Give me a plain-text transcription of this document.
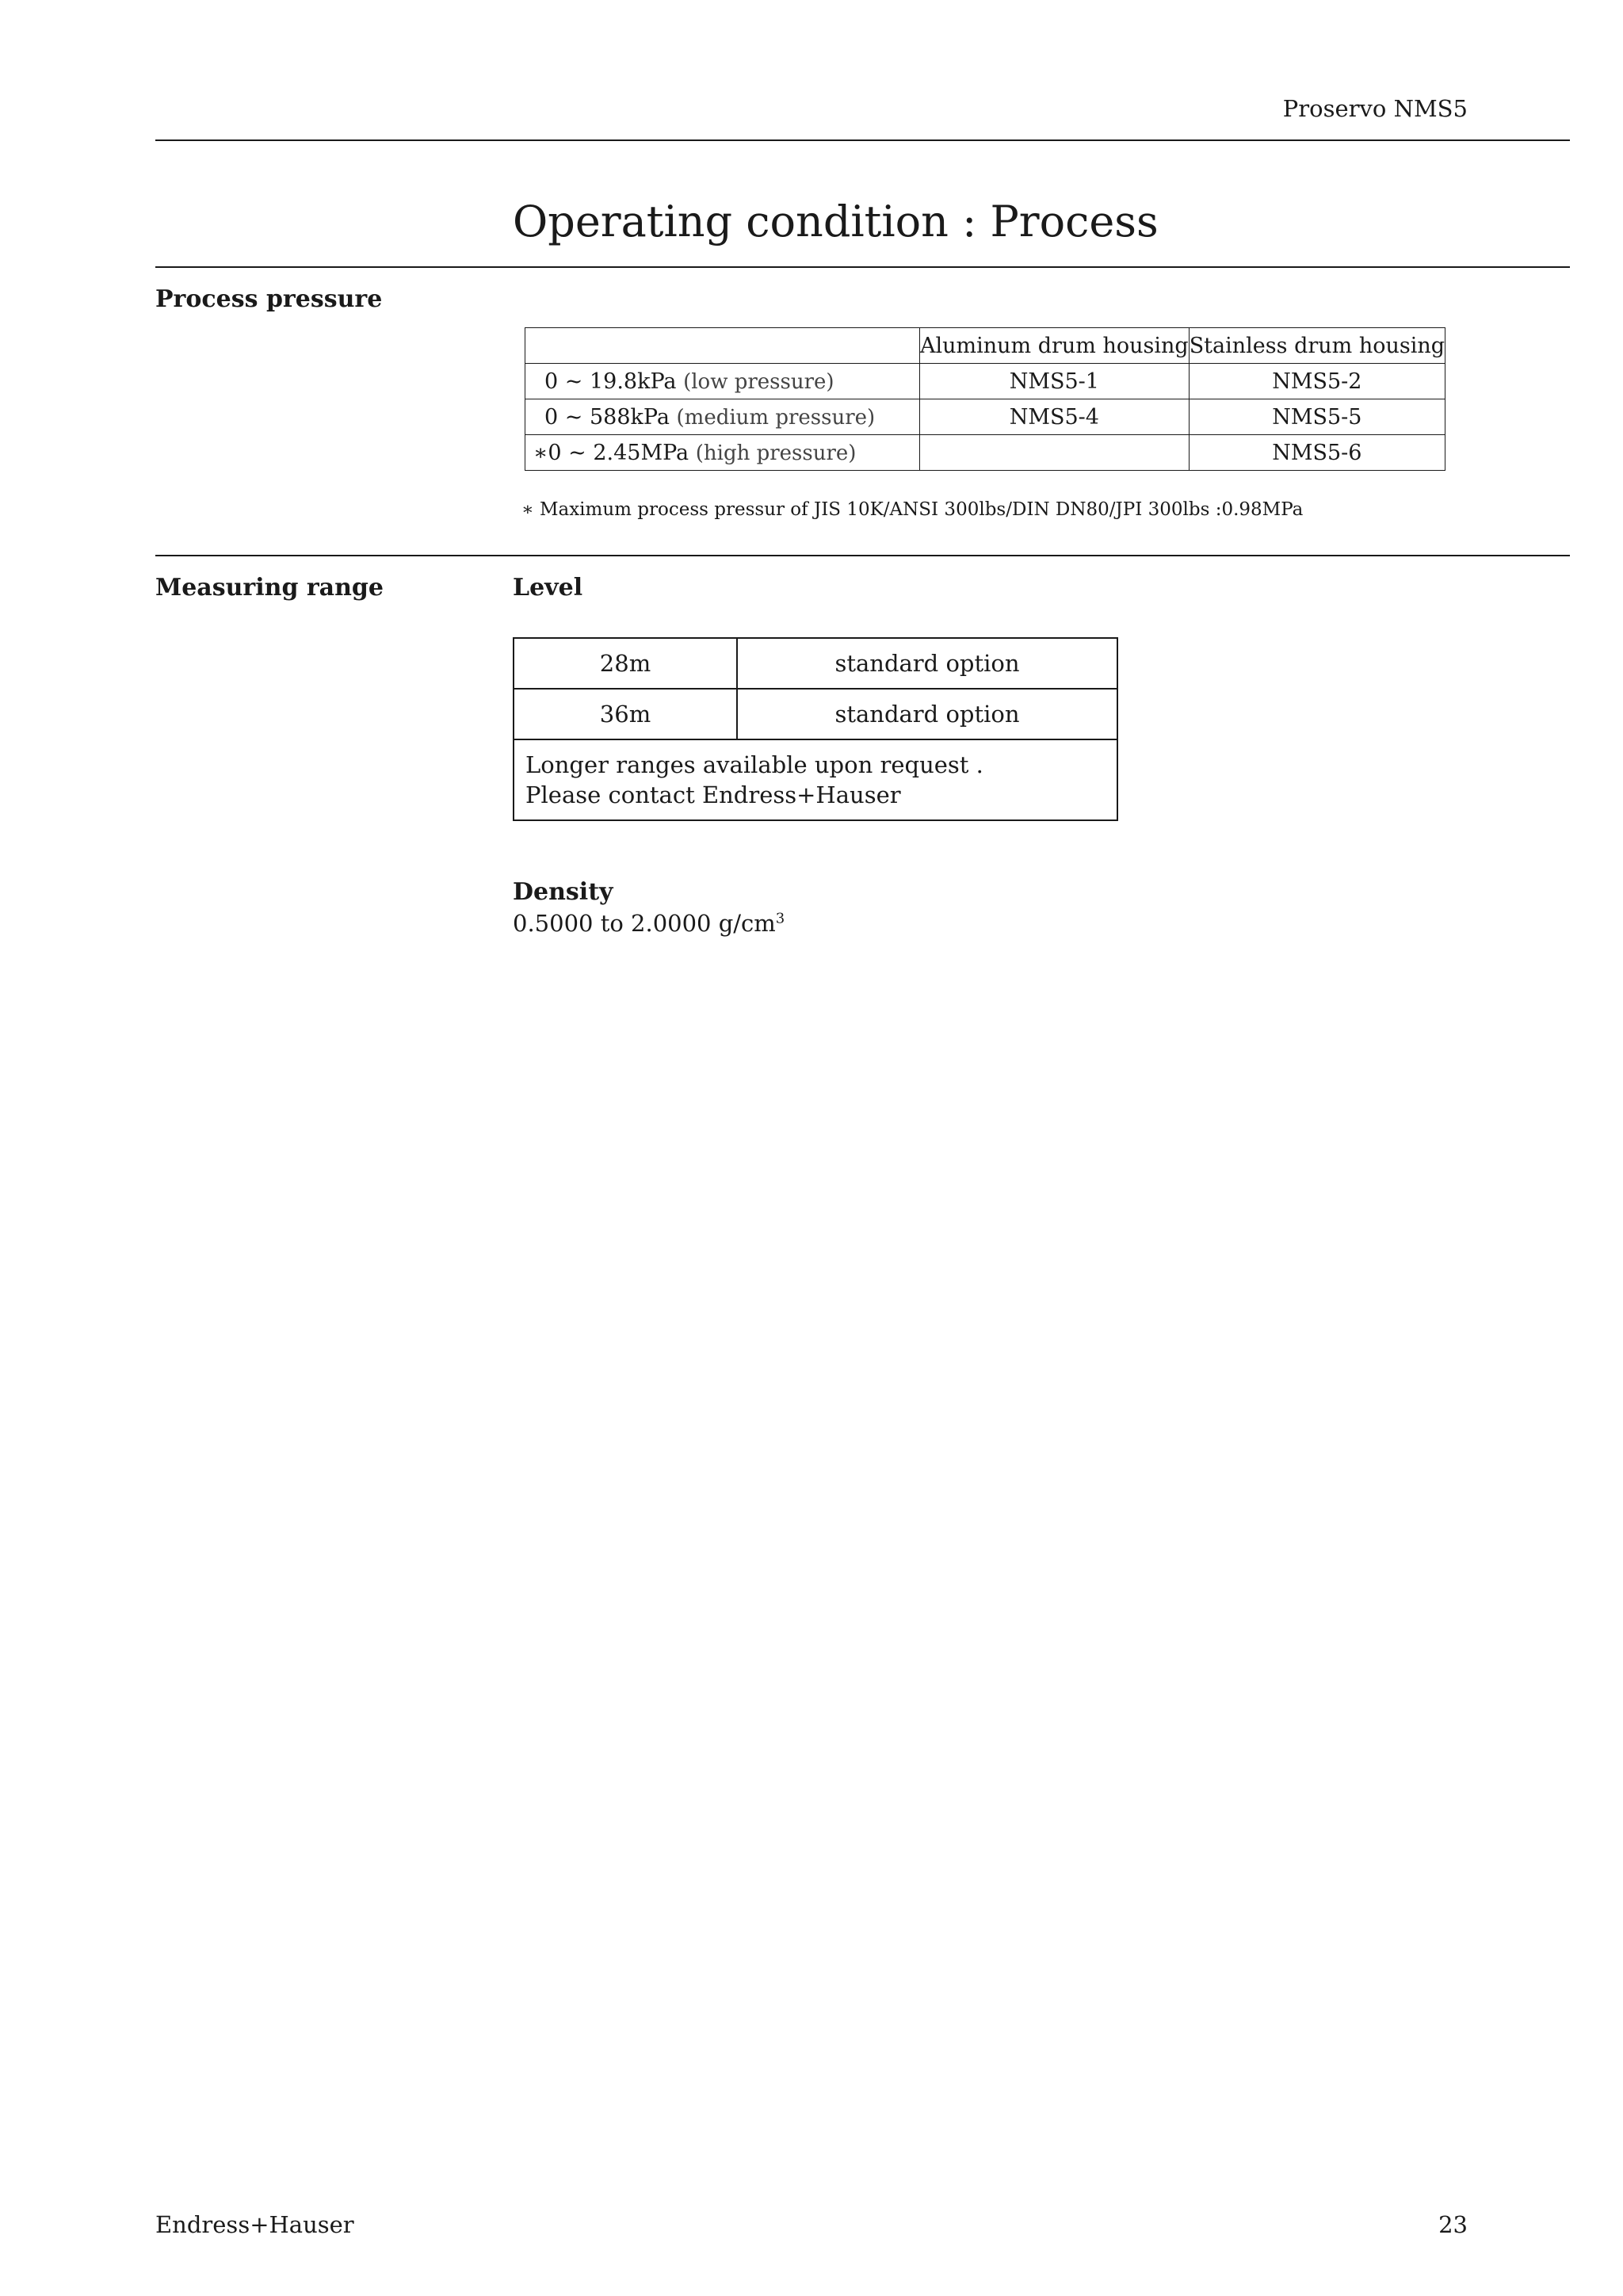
Proservo NMS5
Operating condition : Process
Process pressure
	Aluminum drum housing	Stainless drum housing
0 ~ 19.8kPa (low pressure)	NMS5-1	NMS5-2
0 ~ 588kPa (medium pressure)	NMS5-4	NMS5-5
∗0 ~ 2.45MPa (high pressure)		NMS5-6
∗ Maximum process pressur of JIS 10K/ANSI 300lbs/DIN DN80/JPI 300lbs :0.98MPa
Measuring range	Level
28m	standard option
36m	standard option

Longer ranges available upon request .
Please contact Endress+Hauser	
Density
0.5000 to 2.0000 $g/cm^3$
Endress+Hauser	23
